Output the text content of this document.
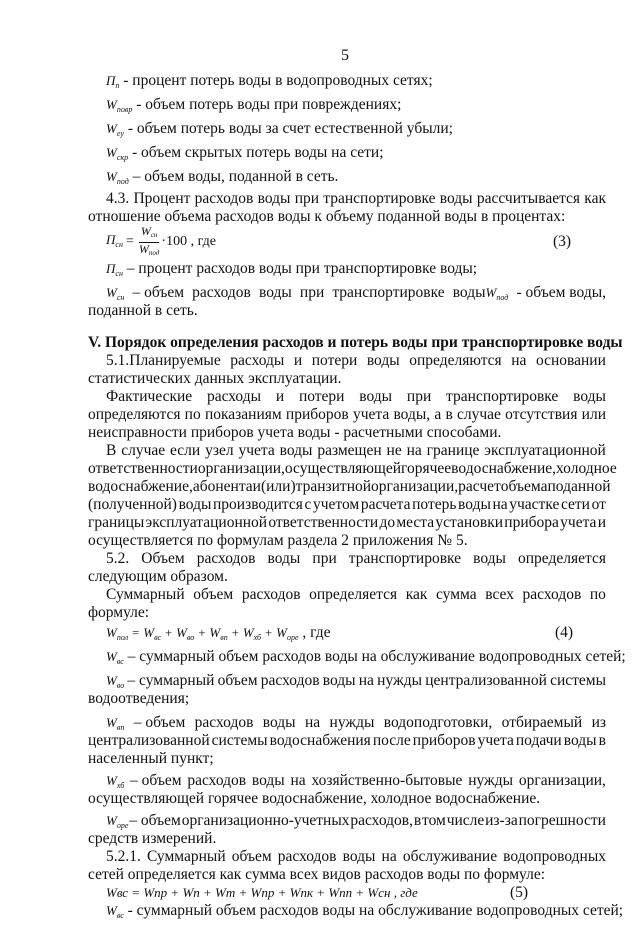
5
$П_п$ - процент потерь воды в водопроводных сетях;
$W_{повр}$ - объем потерь воды при повреждениях;
$W_{еу}$ - объем потерь воды за счет естественной убыли;
$W_{скр}$ - объем скрытых потерь воды на сети;
$W_{под}$ – объем воды, поданной в сеть.
4.3. Процент расходов воды при транспортировке воды рассчитывается как
отношение объема расходов воды к объему поданной воды в процентах:
$П_{сн} = \frac{W_{сн}}{W_{под}} \cdot 100$ , где	(3)
$П_{сн}$ – процент расходов воды при транспортировке воды;
$W_{сн}$ – объем расходов воды при транспортировке водыW$_{под}$ - объем воды,
поданной в сеть.
V. Порядок определения расходов и потерь воды при транспортировке воды
5.1.Планируемые расходы и потери воды определяются на основании
статистических данных эксплуатации.
Фактические расходы и потери воды при транспортировке воды
определяются по показаниям приборов учета воды, а в случае отсутствия или
неисправности приборов учета воды - расчетными способами.
В случае если узел учета воды размещен не на границе эксплуатационной
ответственности организации, осуществляющей горячее водоснабжение, холодное
водоснабжение, абонента и (или) транзитной организации, расчет объема поданной
(полученной) воды производится с учетом расчета потерь воды на участке сети от
границы эксплуатационной ответственности до места установки прибора учета и
осуществляется по формулам раздела 2 приложения № 5.
5.2. Объем расходов воды при транспортировке воды определяется
следующим образом.
Суммарный объем расходов определяется как сумма всех расходов по
формуле:
$W_{пол} = W_{вс} + W_{во} + W_{вп} + W_{хб} + W_{оре}$ , где	(4)
$W_{вс}$ – суммарный объем расходов воды на обслуживание водопроводных сетей;
$W_{во}$ – суммарный объем расходов воды на нужды централизованной системы
водоотведения;
$W_{вп}$ – объем расходов воды на нужды водоподготовки, отбираемый из
централизованной системы водоснабжения после приборов учета подачи воды в
населенный пункт;
$W_{хб}$ – объем расходов воды на хозяйственно-бытовые нужды организации,
осуществляющей горячее водоснабжение, холодное водоснабжение.
$W_{оре}$ – объем организационно-учетных расходов, в том числе из-за погрешности
средств измерений.
5.2.1. Суммарный объем расходов воды на обслуживание водопроводных
сетей определяется как сумма всех видов расходов воды по формуле:
Wвс = Wпр + Wп + Wт + Wпр + Wпк + Wпп + Wсн , где	(5)
$W_{вс}$ - суммарный объем расходов воды на обслуживание водопроводных сетей;
